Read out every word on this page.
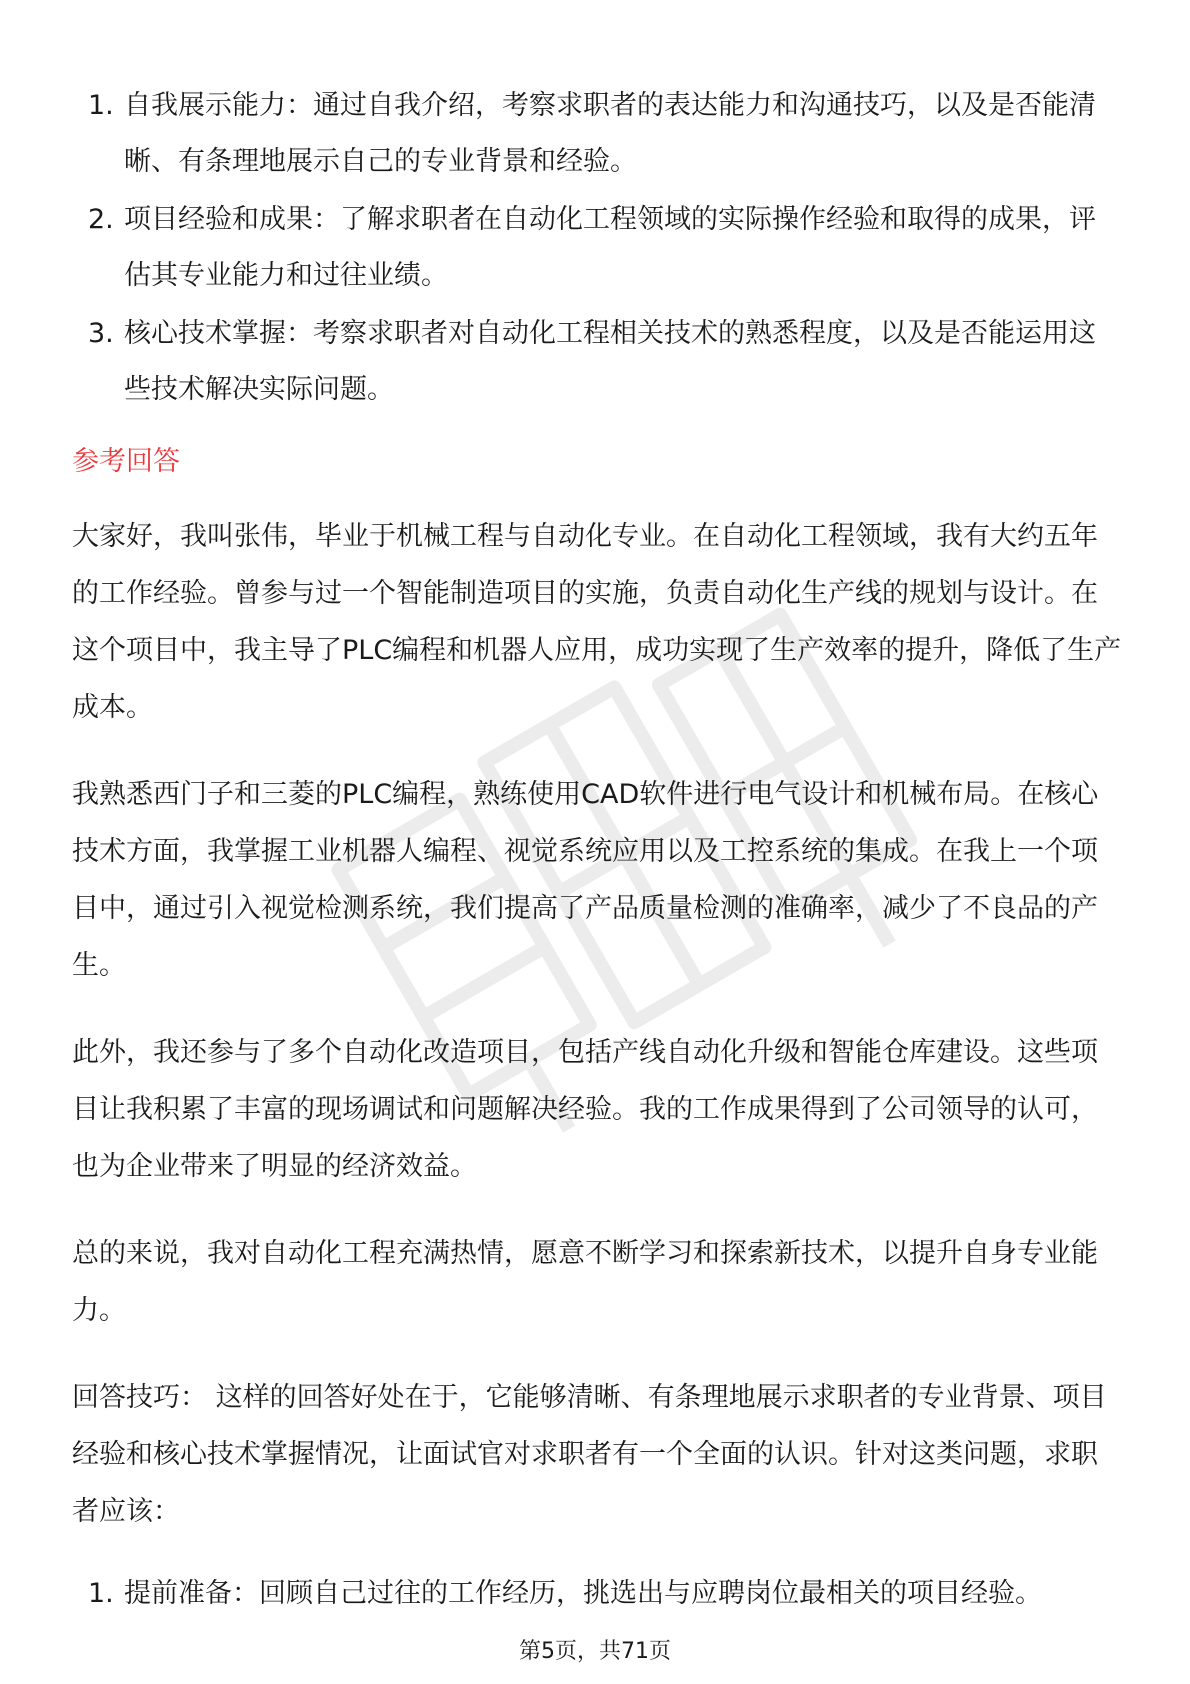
1. 自我展示能力：通过自我介绍，考察求职者的表达能力和沟通技巧，以及是否能清晰、有条理地展示自己的专业背景和经验。
2. 项目经验和成果：了解求职者在自动化工程领域的实际操作经验和取得的成果，评估其专业能力和过往业绩。
3. 核心技术掌握：考察求职者对自动化工程相关技术的熟悉程度，以及是否能运用这些技术解决实际问题。
参考回答

大家好，我叫张伟，毕业于机械工程与自动化专业。在自动化工程领域，我有大约五年的工作经验。曾参与过一个智能制造项目的实施，负责自动化生产线的规划与设计。在这个项目中，我主导了PLC编程和机器人应用，成功实现了生产效率的提升，降低了生产成本。

我熟悉西门子和三菱的PLC编程，熟练使用CAD软件进行电气设计和机械布局。在核心技术方面，我掌握工业机器人编程、视觉系统应用以及工控系统的集成。在我上一个项目中，通过引入视觉检测系统，我们提高了产品质量检测的准确率，减少了不良品的产生。

此外，我还参与了多个自动化改造项目，包括产线自动化升级和智能仓库建设。这些项目让我积累了丰富的现场调试和问题解决经验。我的工作成果得到了公司领导的认可，也为企业带来了明显的经济效益。

总的来说，我对自动化工程充满热情，愿意不断学习和探索新技术，以提升自身专业能力。

回答技巧： 这样的回答好处在于，它能够清晰、有条理地展示求职者的专业背景、项目经验和核心技术掌握情况，让面试官对求职者有一个全面的认识。针对这类问题，求职者应该：

1. 提前准备：回顾自己过往的工作经历，挑选出与应聘岗位最相关的项目经验。
第5页，共71页
